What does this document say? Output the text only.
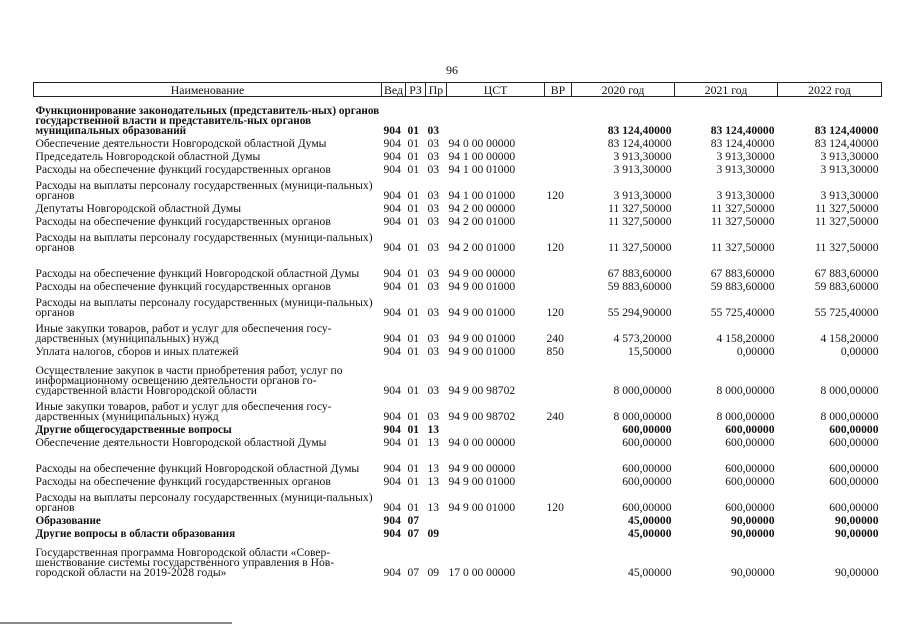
96
Наименование	Вед	РЗ	Пр	ЦСТ	ВР	2020 год	2021 год	2022 год
Функционирование законодательных (представитель-ных) органов государственной власти и представитель-ных органов муниципальных образований	904	01	03			83 124,40000	83 124,40000	83 124,40000
Обеспечение деятельности Новгородской областной Думы	904	01	03	94 0 00 00000		83 124,40000	83 124,40000	83 124,40000
Председатель Новгородской областной Думы	904	01	03	94 1 00 00000		3 913,30000	3 913,30000	3 913,30000
Расходы на обеспечение функций государственных органов	904	01	03	94 1 00 01000		3 913,30000	3 913,30000	3 913,30000
Расходы на выплаты персоналу государственных (муници-пальных) органов	904	01	03	94 1 00 01000	120	3 913,30000	3 913,30000	3 913,30000
Депутаты Новгородской областной Думы	904	01	03	94 2 00 00000		11 327,50000	11 327,50000	11 327,50000
Расходы на обеспечение функций государственных органов	904	01	03	94 2 00 01000		11 327,50000	11 327,50000	11 327,50000
Расходы на выплаты персоналу государственных (муници-пальных) органов	904	01	03	94 2 00 01000	120	11 327,50000	11 327,50000	11 327,50000
Расходы на обеспечение функций Новгородской областной Думы	904	01	03	94 9 00 00000		67 883,60000	67 883,60000	67 883,60000
Расходы на обеспечение функций государственных органов	904	01	03	94 9 00 01000		59 883,60000	59 883,60000	59 883,60000
Расходы на выплаты персоналу государственных (муници-пальных) органов	904	01	03	94 9 00 01000	120	55 294,90000	55 725,40000	55 725,40000
Иные закупки товаров, работ и услуг для обеспечения госу-дарственных (муниципальных) нужд	904	01	03	94 9 00 01000	240	4 573,20000	4 158,20000	4 158,20000
Уплата налогов, сборов и иных платежей	904	01	03	94 9 00 01000	850	15,50000	0,00000	0,00000
Осуществление закупок в части приобретения работ, услуг по информационному освещению деятельности органов го-сударственной власти Новгородской области	904	01	03	94 9 00 98702		8 000,00000	8 000,00000	8 000,00000
Иные закупки товаров, работ и услуг для обеспечения госу-дарственных (муниципальных) нужд	904	01	03	94 9 00 98702	240	8 000,00000	8 000,00000	8 000,00000
Другие общегосударственные вопросы	904	01	13			600,00000	600,00000	600,00000
Обеспечение деятельности Новгородской областной Думы	904	01	13	94 0 00 00000		600,00000	600,00000	600,00000
Расходы на обеспечение функций Новгородской областной Думы	904	01	13	94 9 00 00000		600,00000	600,00000	600,00000
Расходы на обеспечение функций государственных органов	904	01	13	94 9 00 01000		600,00000	600,00000	600,00000
Расходы на выплаты персоналу государственных (муници-пальных) органов	904	01	13	94 9 00 01000	120	600,00000	600,00000	600,00000
Образование	904	07				45,00000	90,00000	90,00000
Другие вопросы в области образования	904	07	09			45,00000	90,00000	90,00000
Государственная программа Новгородской области «Совер-шенствование системы государственного управления в Нов-городской области на 2019-2028 годы»	904	07	09	17 0 00 00000		45,00000	90,00000	90,00000
